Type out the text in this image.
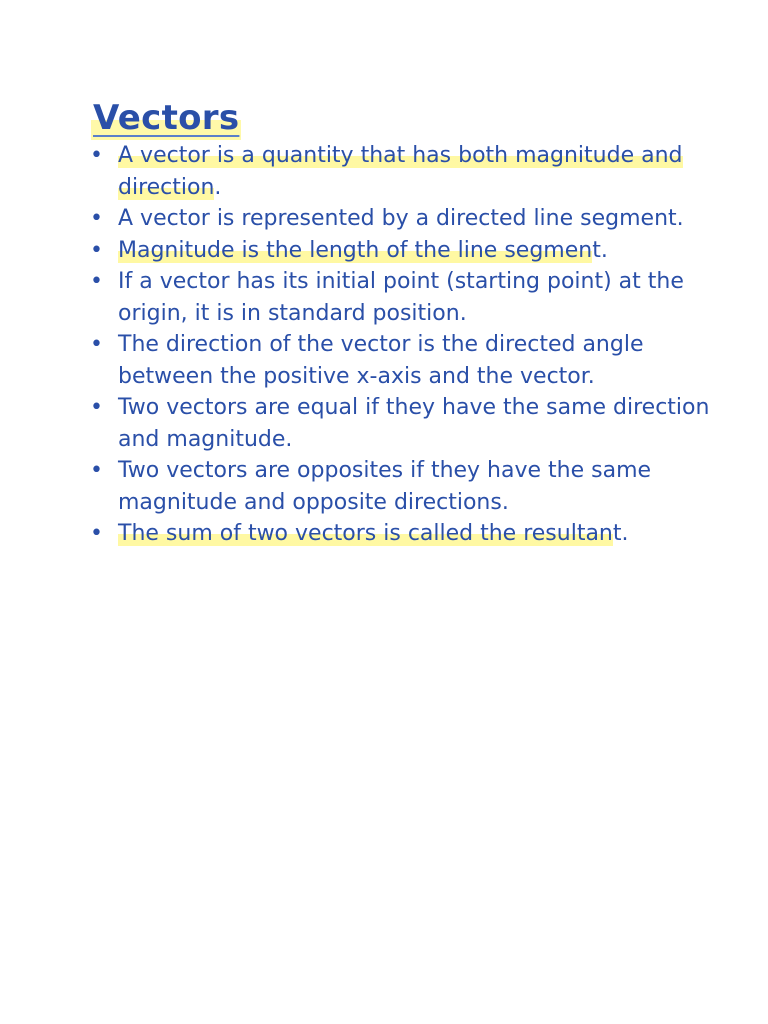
Vectors
• A vector is a quantity that has both magnitude and direction.
• A vector is represented by a directed line segment.
• Magnitude is the length of the line segment.
• If a vector has its initial point (starting point) at the origin, it is in standard position.
• The direction of the vector is the directed angle between the positive x-axis and the vector.
• Two vectors are equal if they have the same direction and magnitude.
• Two vectors are opposites if they have the same magnitude and opposite directions.
• The sum of two vectors is called the resultant.
